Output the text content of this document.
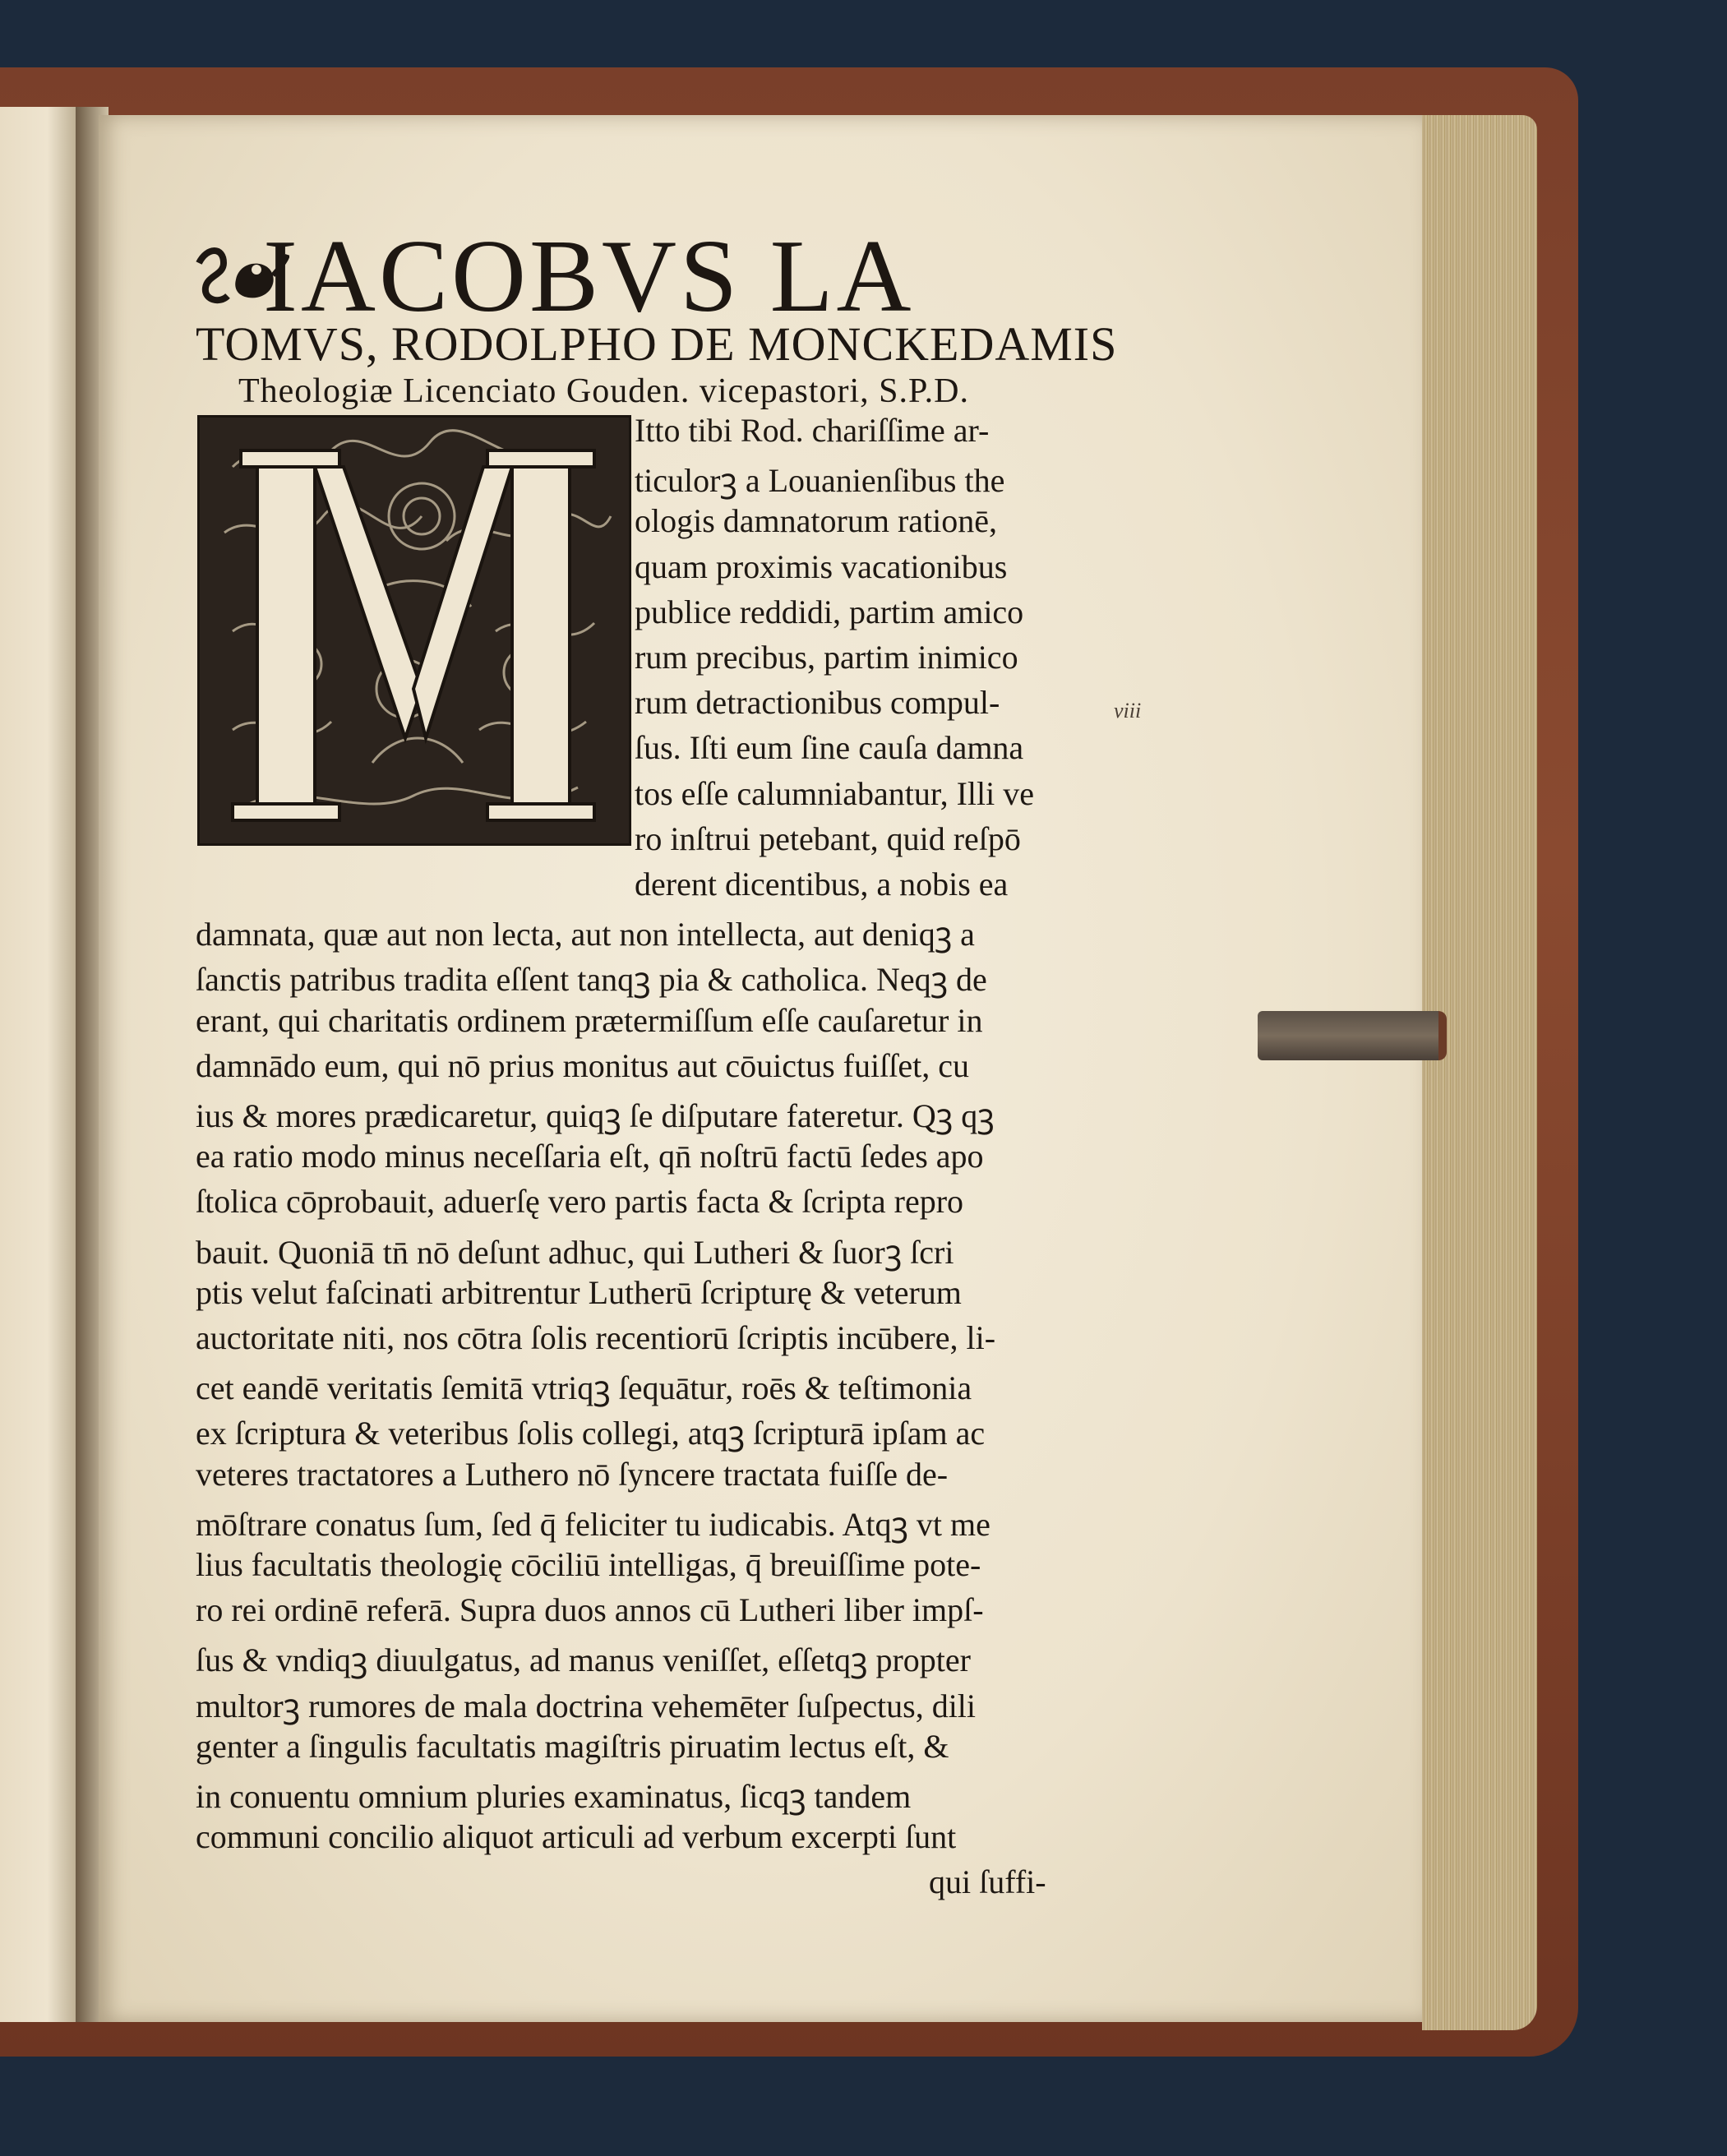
IACOBVS LA
TOMVS, RODOLPHO DE MONCKEDAMIS
Theologiæ Licenciato Gouden. vicepastori, S.P.D.
viii
Itto tibi Rod. chariſſime ar-
ticulorꝫ a Louanienſibus the
ologis damnatorum rationē,
quam proximis vacationibus
publice reddidi, partim amico
rum precibus, partim inimico
rum detractionibus compul-
ſus. Iſti eum ſine cauſa damna
tos eſſe calumniabantur, Illi ve
ro inſtrui petebant, quid reſpō
derent dicentibus, a nobis ea
damnata, quæ aut non lecta, aut non intellecta, aut deniqꝫ a
ſanctis patribus tradita eſſent tanqꝫ pia & catholica. Neqꝫ de
erant, qui charitatis ordinem prætermiſſum eſſe cauſaretur in
damnādo eum, qui nō prius monitus aut cōuictus fuiſſet, cu
ius & mores prædicaretur, quiqꝫ ſe diſputare fateretur. Qꝫ qꝫ
ea ratio modo minus neceſſaria eſt, qn̄ noſtrū factū ſedes apo
ſtolica cōprobauit, aduerſę vero partis facta & ſcripta repro
bauit. Quoniā tn̄ nō deſunt adhuc, qui Lutheri & ſuorꝫ ſcri
ptis velut faſcinati arbitrentur Lutherū ſcripturę & veterum
auctoritate niti, nos cōtra ſolis recentiorū ſcriptis incūbere, li-
cet eandē veritatis ſemitā vtriqꝫ ſequātur, roēs & teſtimonia
ex ſcriptura & veteribus ſolis collegi, atqꝫ ſcripturā ipſam ac
veteres tractatores a Luthero nō ſyncere tractata fuiſſe de-
mōſtrare conatus ſum, ſed q̄ feliciter tu iudicabis. Atqꝫ vt me
lius facultatis theologię cōciliū intelligas, q̄ breuiſſime pote-
ro rei ordinē referā. Supra duos annos cū Lutheri liber impſ-
ſus & vndiqꝫ diuulgatus, ad manus veniſſet, eſſetqꝫ propter
multorꝫ rumores de mala doctrina vehemēter ſuſpectus, dili
genter a ſingulis facultatis magiſtris piruatim lectus eſt, &
in conuentu omnium pluries examinatus, ſicqꝫ tandem
communi concilio aliquot articuli ad verbum excerpti ſunt
qui ſuffi-
